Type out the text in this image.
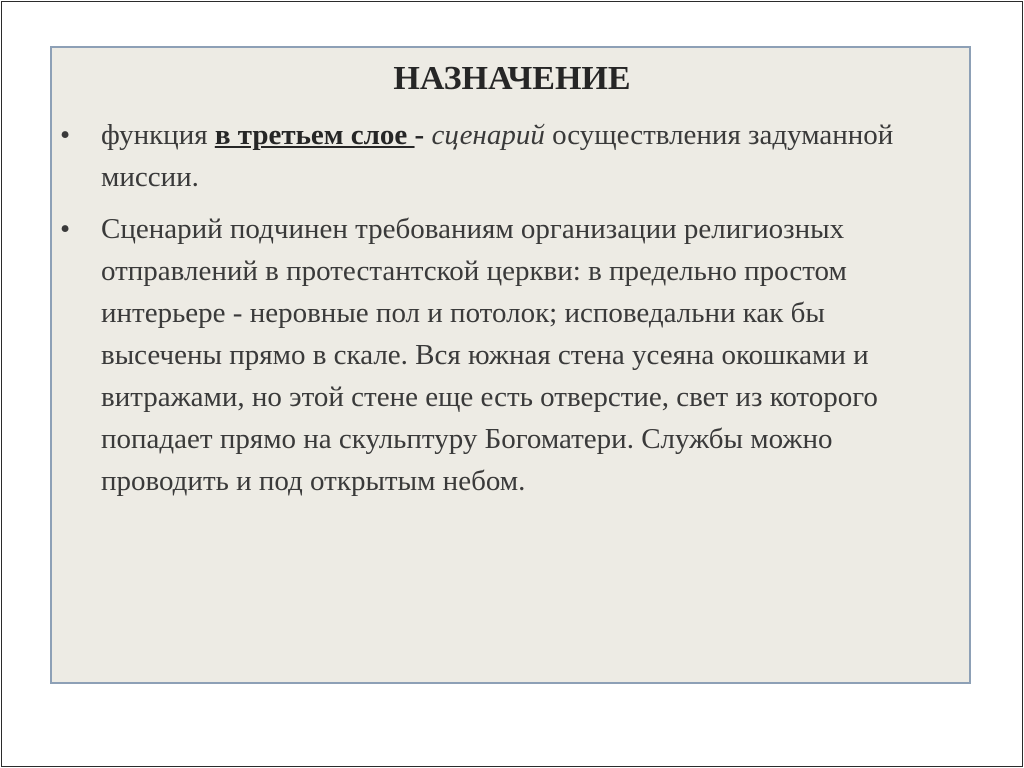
НАЗНАЧЕНИЕ
• функция в третьем слое - сценарий осуществления задуманной миссии.
• Сценарий подчинен требованиям организации религиозных отправлений в протестантской церкви: в предельно простом интерьере - неровные пол и потолок; исповедальни как бы высечены прямо в скале. Вся южная стена усеяна окошками и витражами, но этой стене еще есть отверстие, свет из которого попадает прямо на скульптуру Богоматери. Службы можно проводить и под открытым небом.
